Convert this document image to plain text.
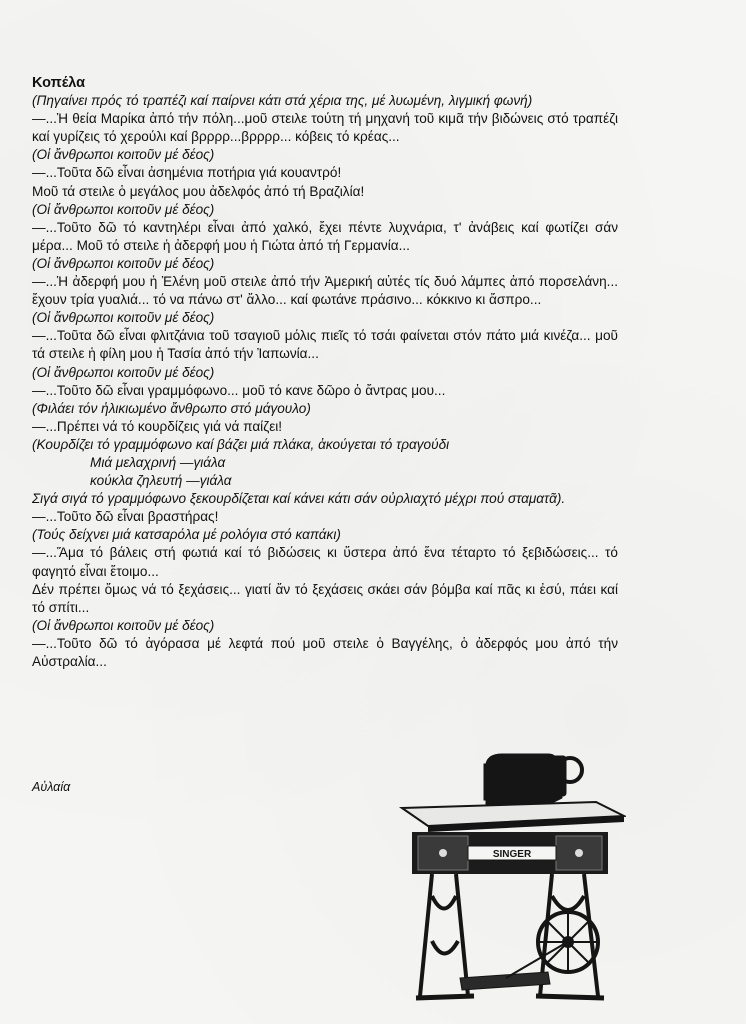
Κοπέλα

(Πηγαίνει πρός τό τραπέζι καί παίρνει κάτι στά χέρια της, μέ λυωμένη, λιγμική φωνή)

—...Ἡ θεία Μαρίκα ἀπό τήν πόλη...μοῦ στειλε τούτη τή μηχανή τοῦ κιμᾶ τήν βιδώνεις στό τραπέζι καί γυρίζεις τό χερούλι καί βρρρρ...βρρρρ... κόβεις τό κρέας...

(Οἱ ἄνθρωποι κοιτοῦν μέ δέος)

—...Τοῦτα δῶ εἶναι ἀσημένια ποτήρια γιά κουαντρό!

Μοῦ τά στειλε ὁ μεγάλος μου ἀδελφός ἀπό τή Βραζιλία!

(Οἱ ἄνθρωποι κοιτοῦν μέ δέος)

—...Τοῦτο δῶ τό καντηλέρι εἶναι ἀπό χαλκό, ἔχει πέντε λυχνάρια, τ' ἀνάβεις καί φωτίζει σάν μέρα... Μοῦ τό στειλε ἡ ἀδερφή μου ἡ Γιώτα ἀπό τή Γερμανία...

(Οἱ ἄνθρωποι κοιτοῦν μέ δέος)

—...Ἡ ἀδερφή μου ἡ Ἐλένη μοῦ στειλε ἀπό τήν Ἀμερική αὐτές τίς δυό λάμπες ἀπό πορσελάνη... ἔχουν τρία γυαλιά... τό να πάνω στ' ἄλλο... καί φωτάνε πράσινο... κόκκινο κι ἄσπρο...

(Οἱ ἄνθρωποι κοιτοῦν μέ δέος)

—...Τοῦτα δῶ εἶναι φλιτζάνια τοῦ τσαγιοῦ μόλις πιεῖς τό τσάι φαίνεται στόν πάτο μιά κινέζα... μοῦ τά στειλε ἡ φίλη μου ἡ Τασία ἀπό τήν Ἰαπωνία...

(Οἱ ἄνθρωποι κοιτοῦν μέ δέος)

—...Τοῦτο δῶ εἶναι γραμμόφωνο... μοῦ τό κανε δῶρο ὁ ἄντρας μου...

(Φιλάει τόν ἡλικιωμένο ἄνθρωπο στό μάγουλο)

—...Πρέπει νά τό κουρδίζεις γιά νά παίζει!

(Κουρδίζει τό γραμμόφωνο καί βάζει μιά πλάκα, ἀκούγεται τό τραγούδι

Μιά μελαχρινή —γιάλα

κούκλα ζηλευτή —γιάλα

Σιγά σιγά τό γραμμόφωνο ξεκουρδίζεται καί κάνει κάτι σάν οὐρλιαχτό μέχρι πού σταματᾶ).

—...Τοῦτο δῶ εἶναι βραστήρας!

(Τούς δείχνει μιά κατσαρόλα μέ ρολόγια στό καπάκι)

—...Ἅμα τό βάλεις στή φωτιά καί τό βιδώσεις κι ὕστερα ἀπό ἕνα τέταρτο τό ξεβιδώσεις... τό φαγητό εἶναι ἕτοιμο...

Δέν πρέπει ὅμως νά τό ξεχάσεις... γιατί ἄν τό ξεχάσεις σκάει σάν βόμβα καί πᾶς κι ἐσύ, πάει καί τό σπίτι...

(Οἱ ἄνθρωποι κοιτοῦν μέ δέος)

—...Τοῦτο δῶ τό ἀγόρασα μέ λεφτά πού μοῦ στειλε ὁ Βαγγέλης, ὁ ἀδερφός μου ἀπό τήν Αὐστραλία...

Αὐλαία
SINGER
